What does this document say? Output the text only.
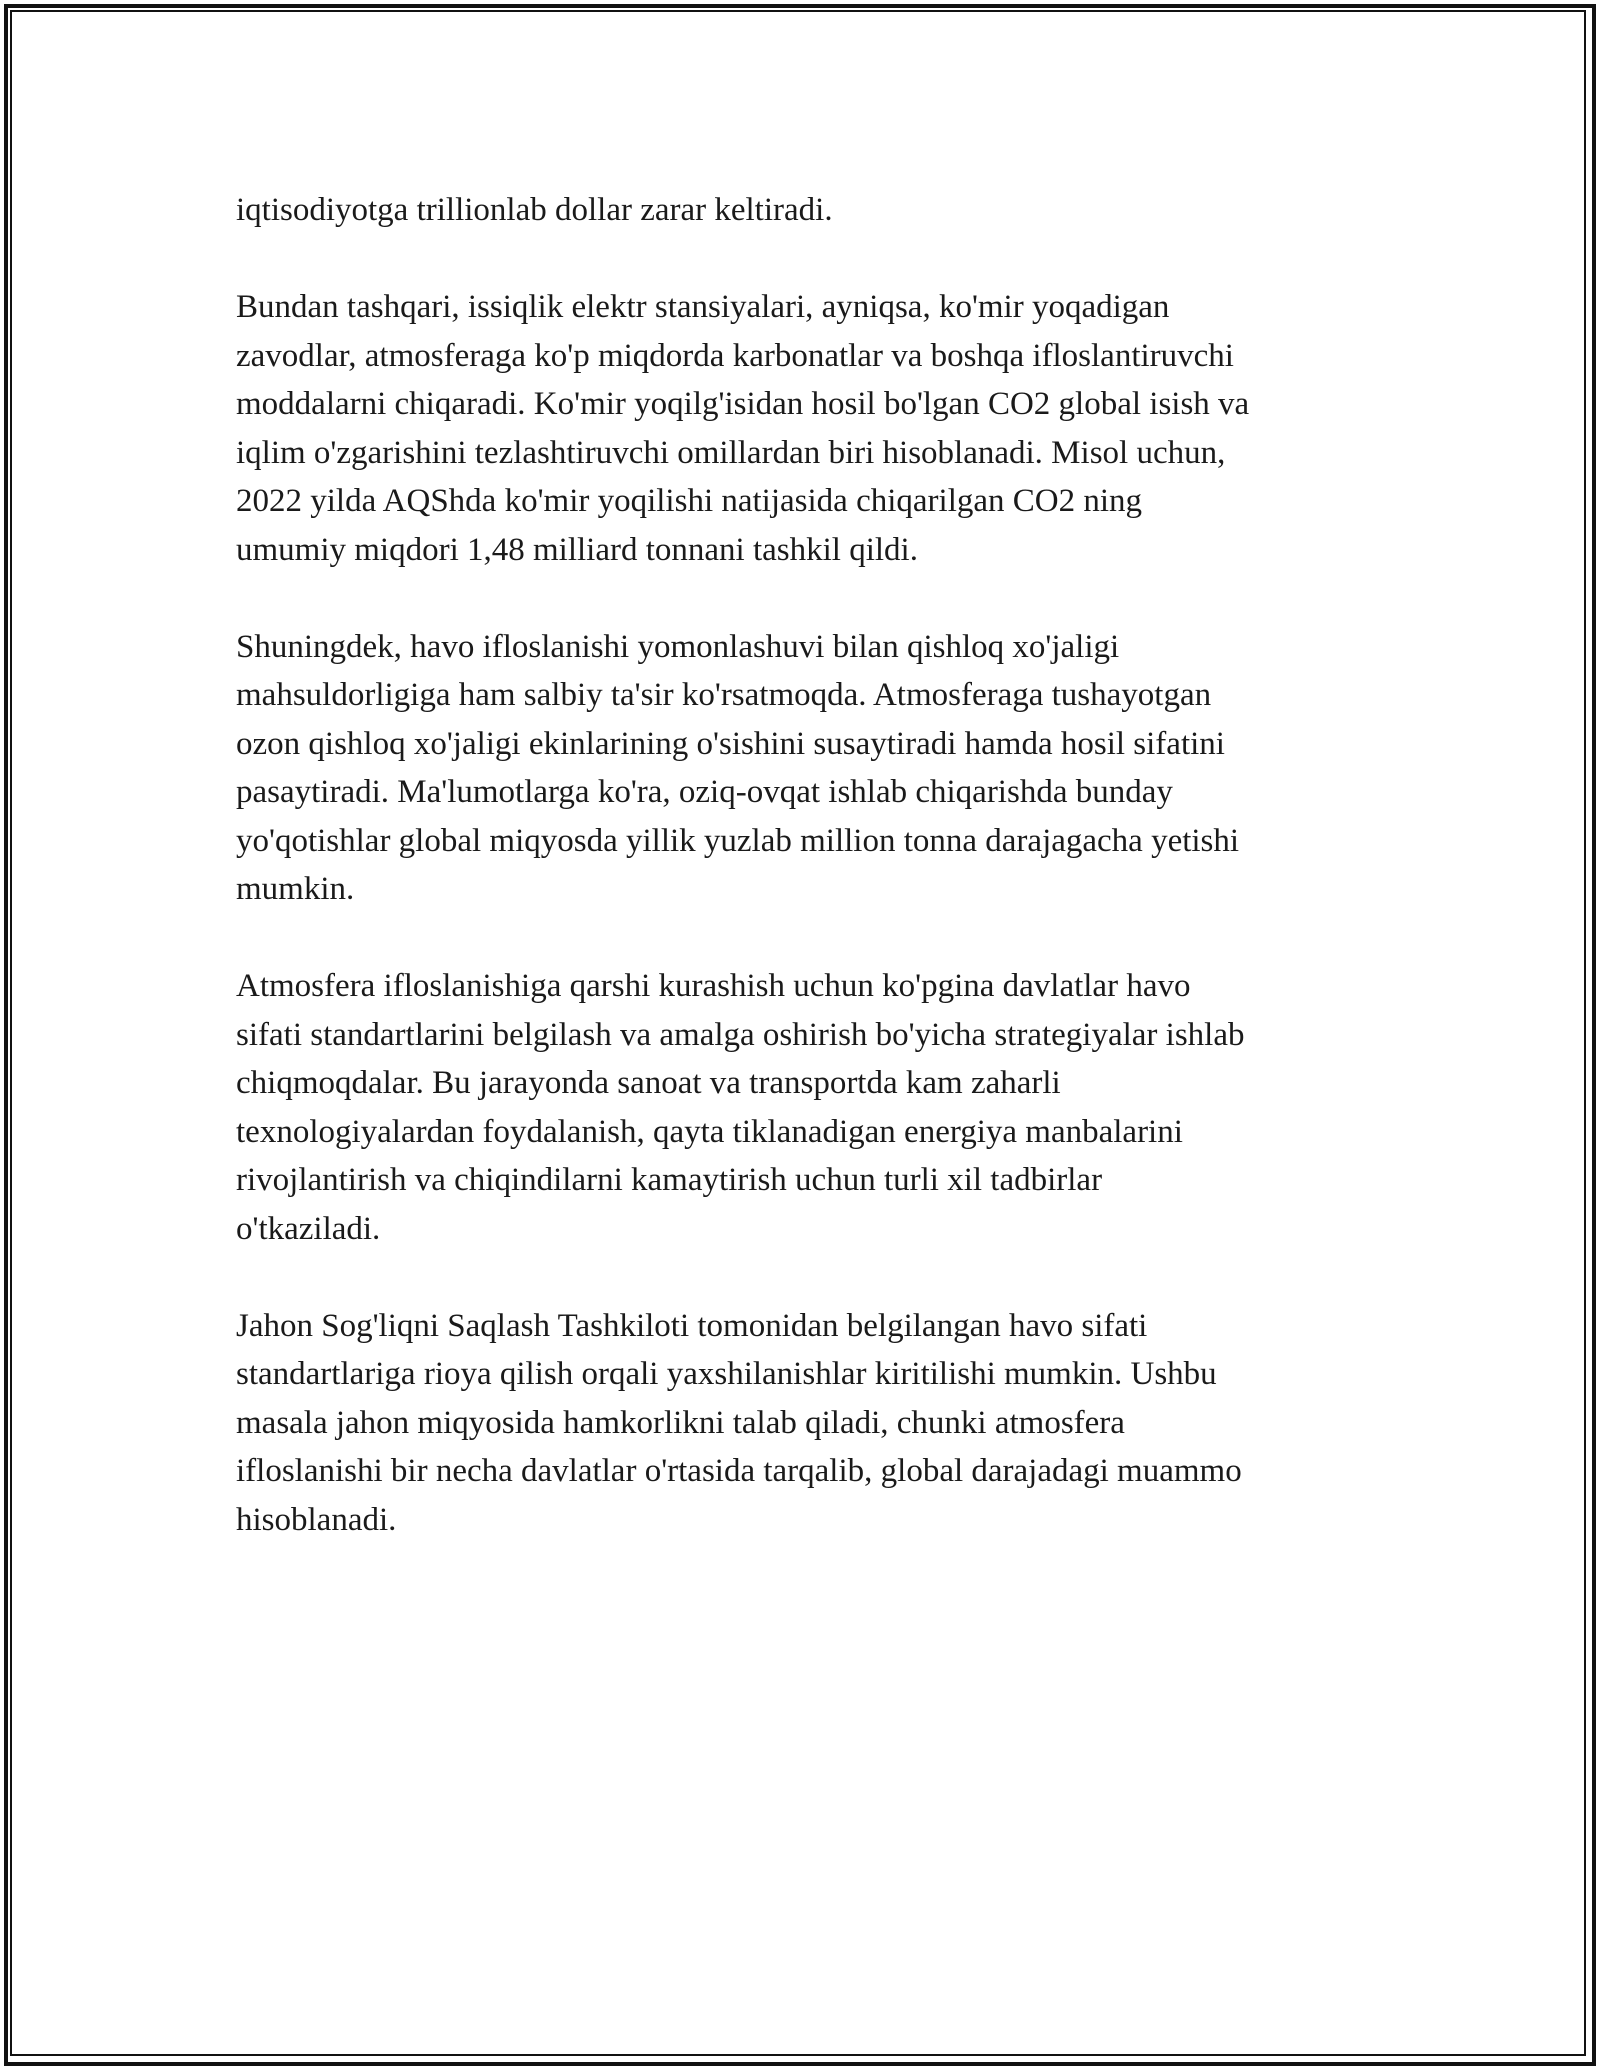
iqtisodiyotga trillionlab dollar zarar keltiradi.

Bundan tashqari, issiqlik elektr stansiyalari, ayniqsa, ko'mir yoqadigan
zavodlar, atmosferaga ko'p miqdorda karbonatlar va boshqa ifloslantiruvchi
moddalarni chiqaradi. Ko'mir yoqilg'isidan hosil bo'lgan CO2 global isish va
iqlim o'zgarishini tezlashtiruvchi omillardan biri hisoblanadi. Misol uchun,
2022 yilda AQShda ko'mir yoqilishi natijasida chiqarilgan CO2 ning
umumiy miqdori 1,48 milliard tonnani tashkil qildi.

Shuningdek, havo ifloslanishi yomonlashuvi bilan qishloq xo'jaligi
mahsuldorligiga ham salbiy ta'sir ko'rsatmoqda. Atmosferaga tushayotgan
ozon qishloq xo'jaligi ekinlarining o'sishini susaytiradi hamda hosil sifatini
pasaytiradi. Ma'lumotlarga ko'ra, oziq-ovqat ishlab chiqarishda bunday
yo'qotishlar global miqyosda yillik yuzlab million tonna darajagacha yetishi
mumkin.

Atmosfera ifloslanishiga qarshi kurashish uchun ko'pgina davlatlar havo
sifati standartlarini belgilash va amalga oshirish bo'yicha strategiyalar ishlab
chiqmoqdalar. Bu jarayonda sanoat va transportda kam zaharli
texnologiyalardan foydalanish, qayta tiklanadigan energiya manbalarini
rivojlantirish va chiqindilarni kamaytirish uchun turli xil tadbirlar
o'tkaziladi.

Jahon Sog'liqni Saqlash Tashkiloti tomonidan belgilangan havo sifati
standartlariga rioya qilish orqali yaxshilanishlar kiritilishi mumkin. Ushbu
masala jahon miqyosida hamkorlikni talab qiladi, chunki atmosfera
ifloslanishi bir necha davlatlar o'rtasida tarqalib, global darajadagi muammo
hisoblanadi.
